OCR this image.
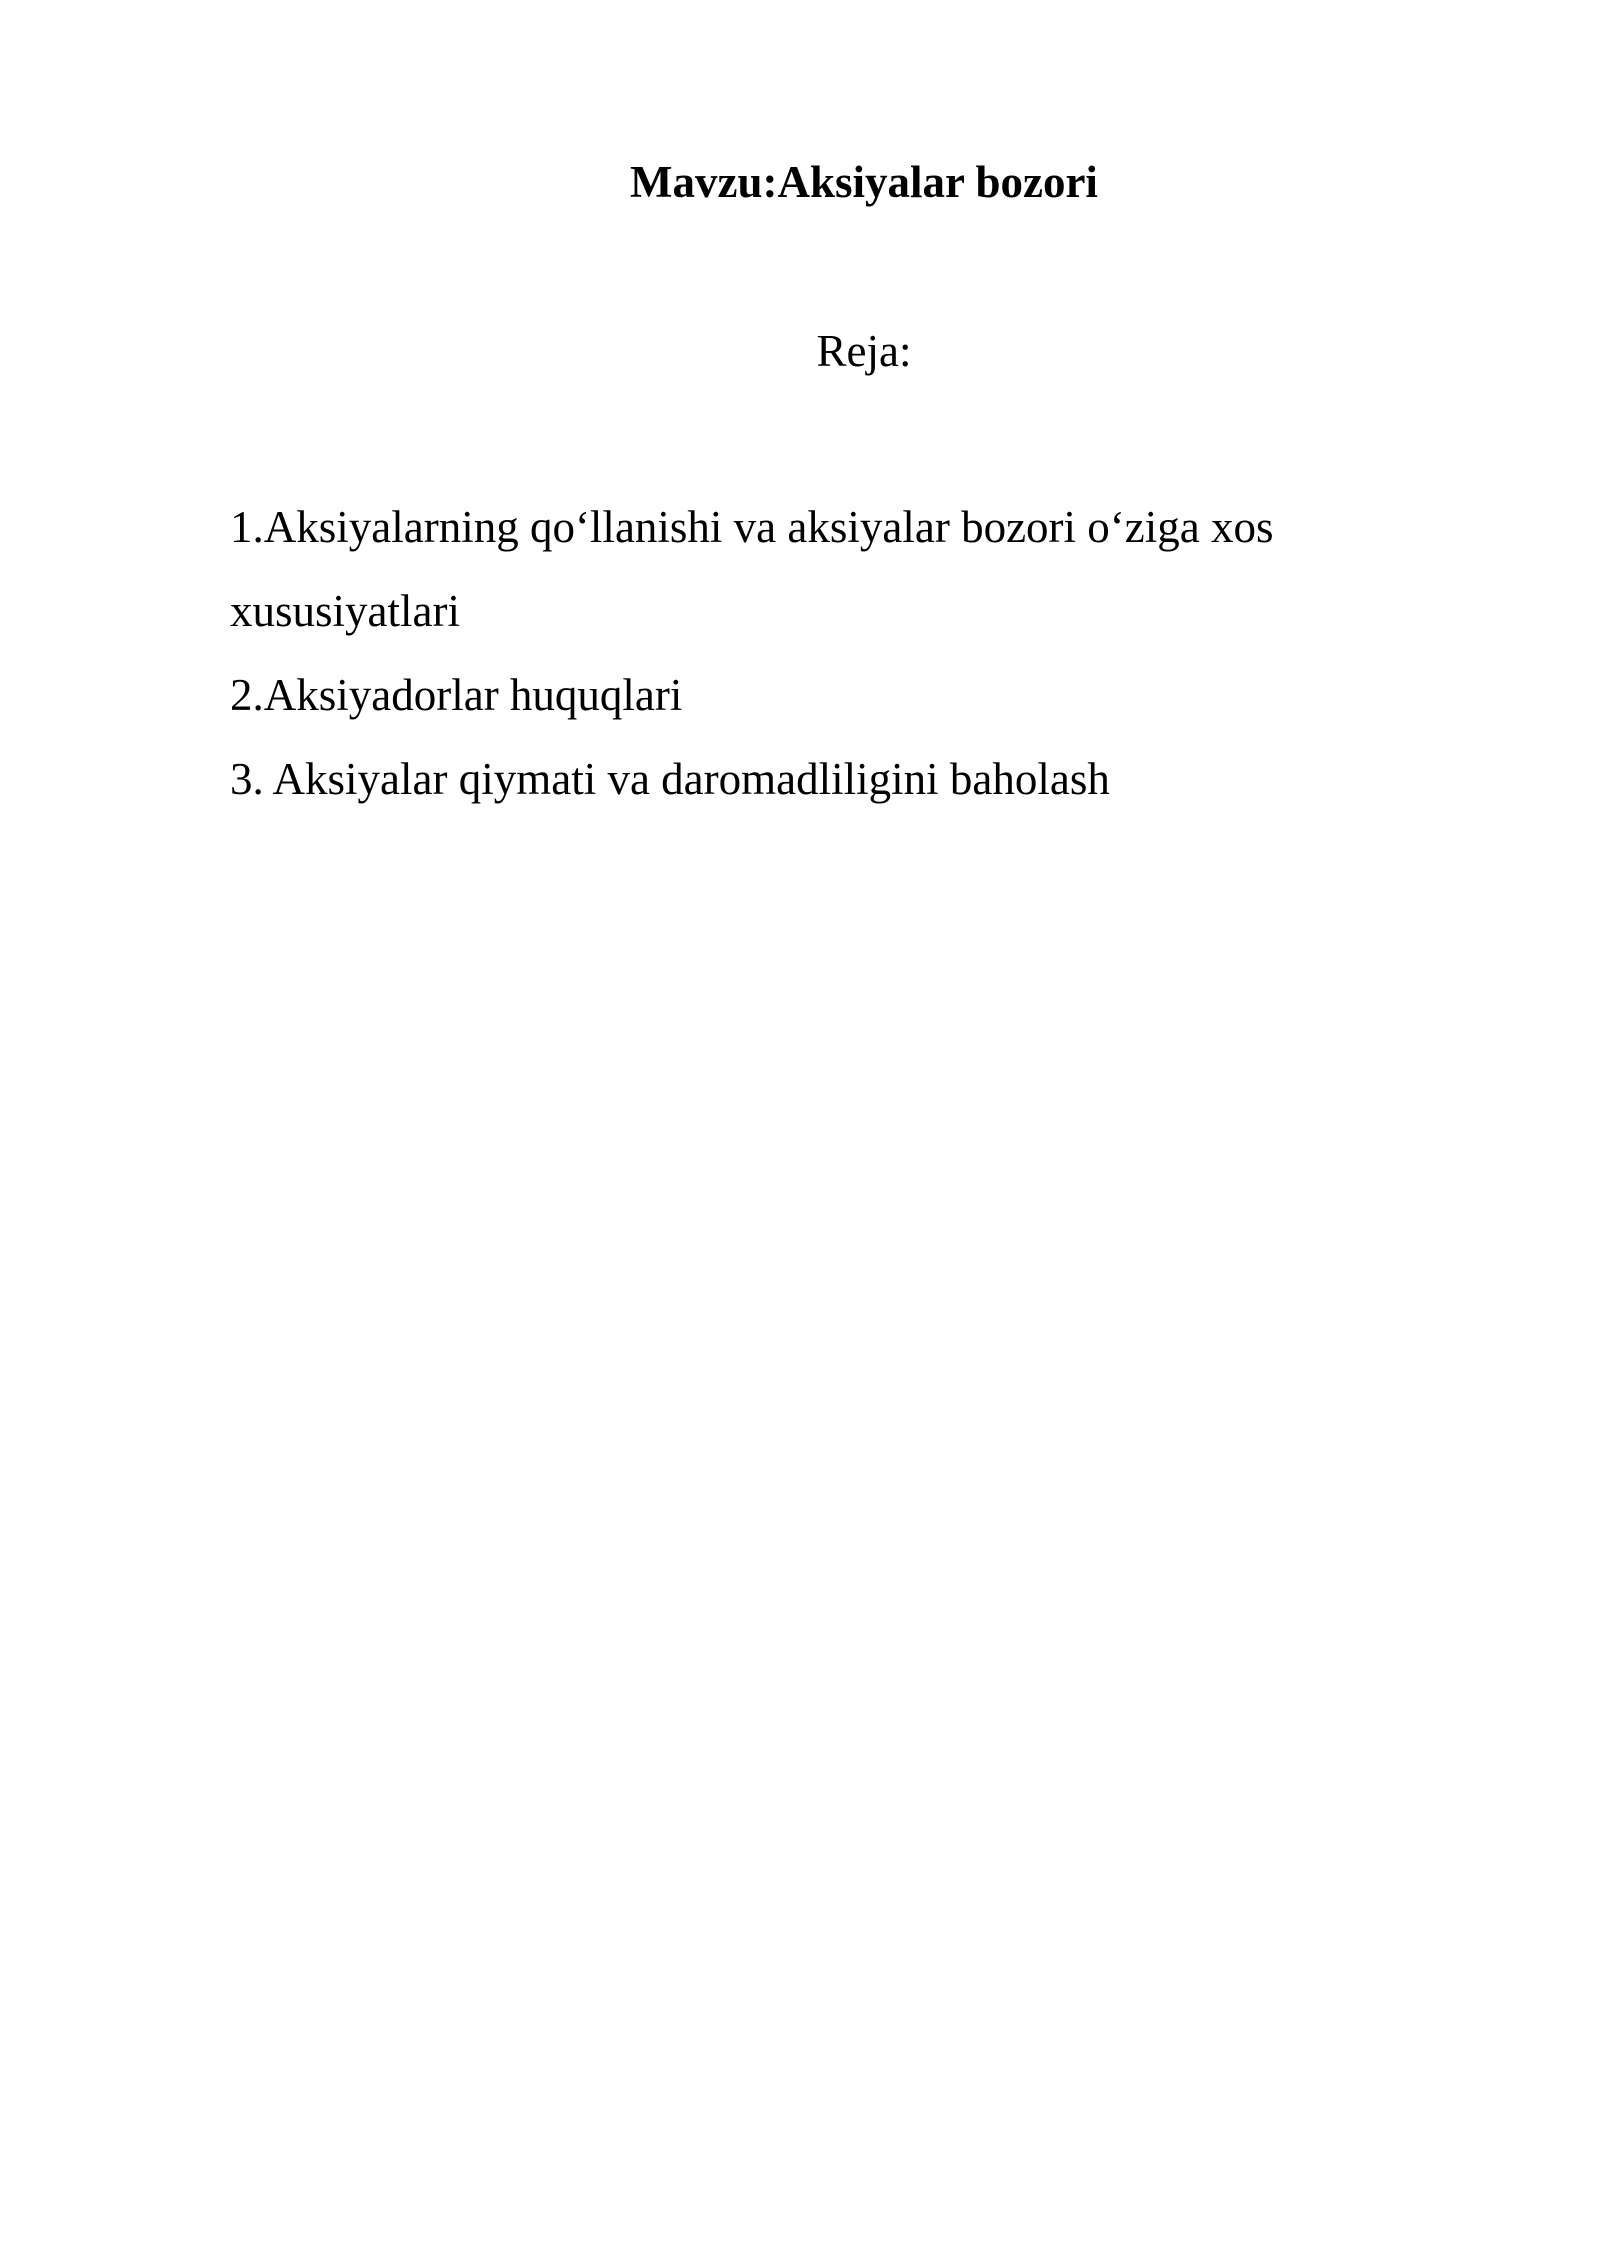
Mavzu:Aksiyalar bozori

Reja:

1.Aksiyalarning qo‘llanishi va aksiyalar bozori o‘ziga xos xususiyatlari
2.Aksiyadorlar huquqlari
3. Aksiyalar qiymati va daromadliligini baholash
